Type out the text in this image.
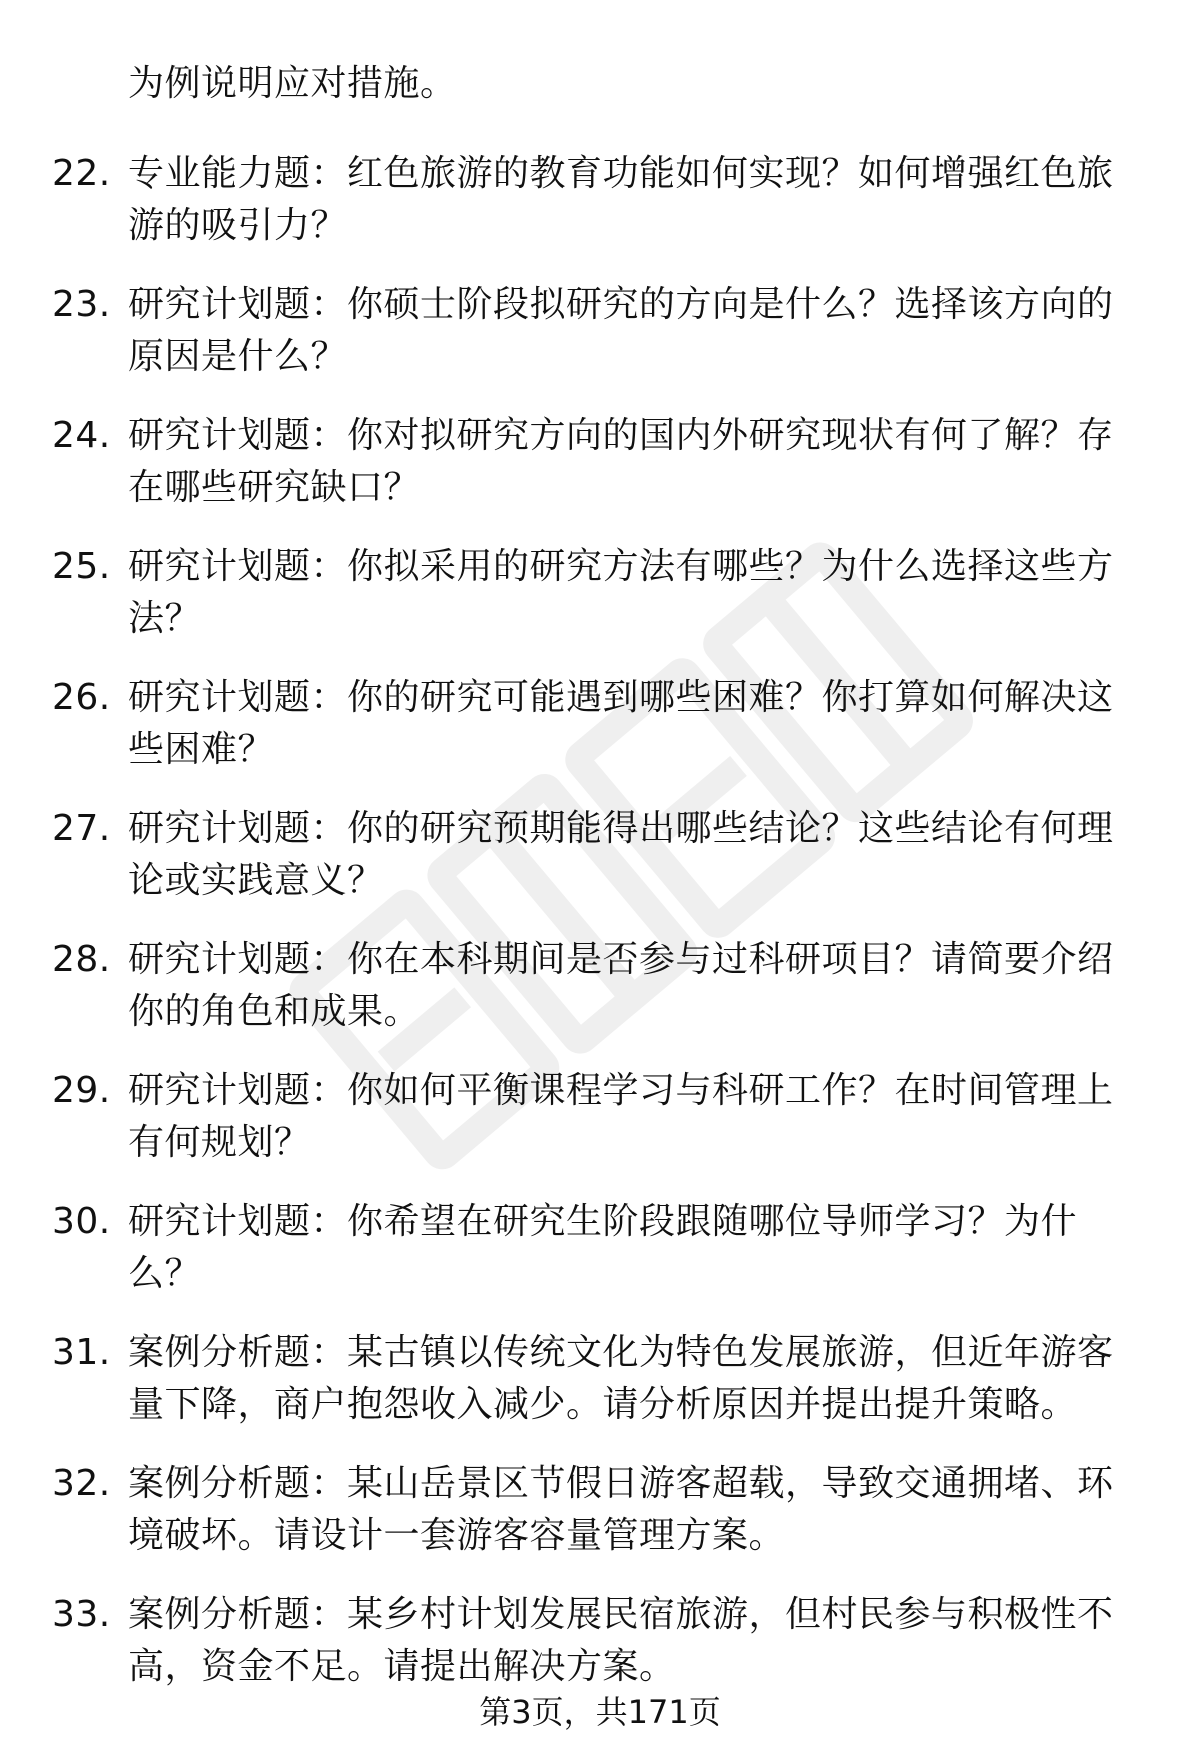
为例说明应对措施。
22. 专业能力题：红色旅游的教育功能如何实现？如何增强红色旅游的吸引力？
23. 研究计划题：你硕士阶段拟研究的方向是什么？选择该方向的原因是什么？
24. 研究计划题：你对拟研究方向的国内外研究现状有何了解？存在哪些研究缺口？
25. 研究计划题：你拟采用的研究方法有哪些？为什么选择这些方法？
26. 研究计划题：你的研究可能遇到哪些困难？你打算如何解决这些困难？
27. 研究计划题：你的研究预期能得出哪些结论？这些结论有何理论或实践意义？
28. 研究计划题：你在本科期间是否参与过科研项目？请简要介绍你的角色和成果。
29. 研究计划题：你如何平衡课程学习与科研工作？在时间管理上有何规划？
30. 研究计划题：你希望在研究生阶段跟随哪位导师学习？为什么？
31. 案例分析题：某古镇以传统文化为特色发展旅游，但近年游客量下降，商户抱怨收入减少。请分析原因并提出提升策略。
32. 案例分析题：某山岳景区节假日游客超载，导致交通拥堵、环境破坏。请设计一套游客容量管理方案。
33. 案例分析题：某乡村计划发展民宿旅游，但村民参与积极性不高，资金不足。请提出解决方案。
第3页，共171页
